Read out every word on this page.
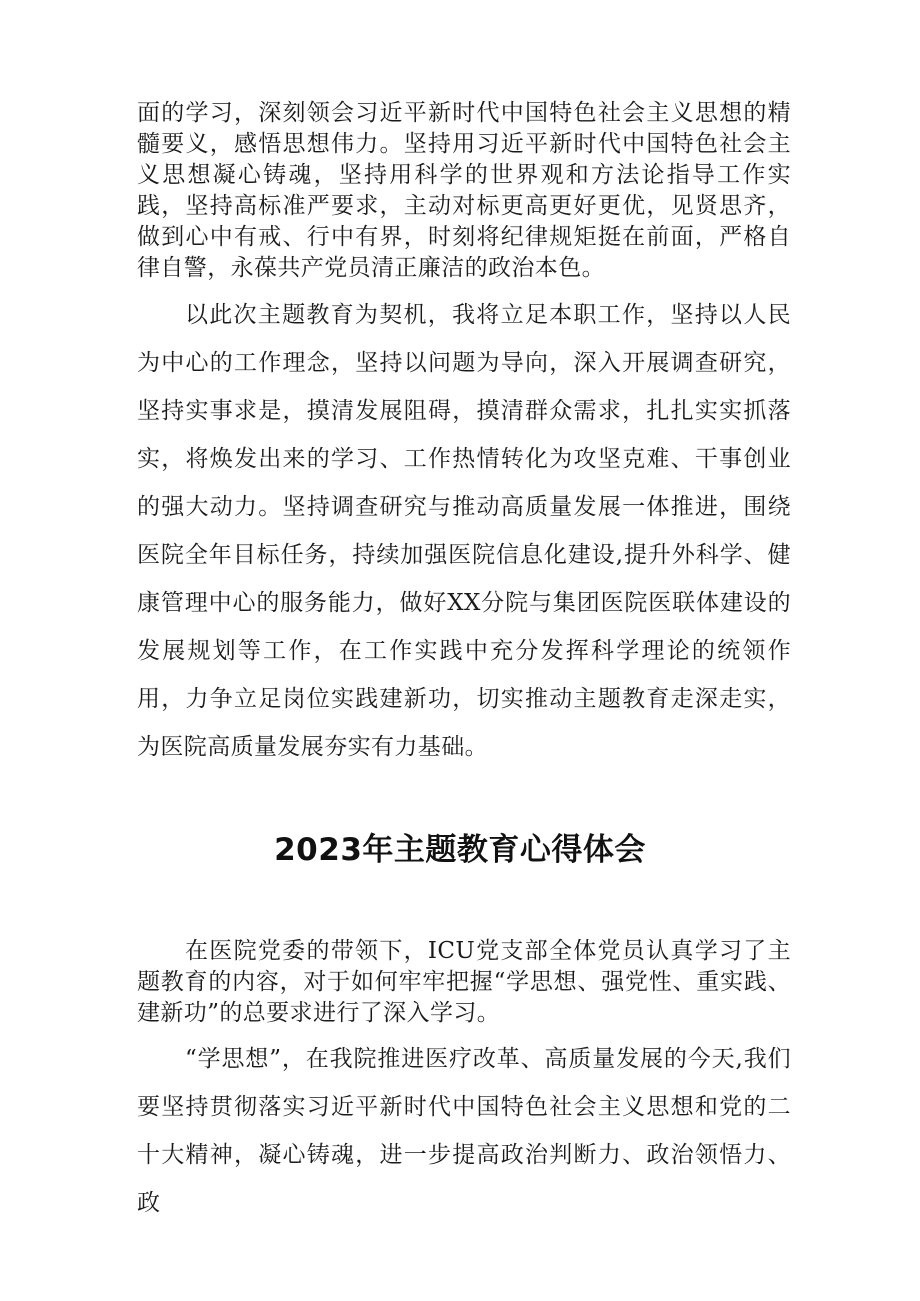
面的学习，深刻领会习近平新时代中国特色社会主义思想的精髓要义，感悟思想伟力。坚持用习近平新时代中国特色社会主义思想凝心铸魂，坚持用科学的世界观和方法论指导工作实践，坚持高标准严要求，主动对标更高更好更优，见贤思齐，做到心中有戒、行中有界，时刻将纪律规矩挺在前面，严格自律自警，永葆共产党员清正廉洁的政治本色。

以此次主题教育为契机，我将立足本职工作，坚持以人民为中心的工作理念，坚持以问题为导向，深入开展调查研究，坚持实事求是，摸清发展阻碍，摸清群众需求，扎扎实实抓落实，将焕发出来的学习、工作热情转化为攻坚克难、干事创业的强大动力。坚持调查研究与推动高质量发展一体推进，围绕医院全年目标任务，持续加强医院信息化建设,提升外科学、健康管理中心的服务能力，做好XX分院与集团医院医联体建设的发展规划等工作，在工作实践中充分发挥科学理论的统领作用，力争立足岗位实践建新功，切实推动主题教育走深走实，为医院高质量发展夯实有力基础。

2023年主题教育心得体会

在医院党委的带领下，ICU党支部全体党员认真学习了主题教育的内容，对于如何牢牢把握“学思想、强党性、重实践、建新功”的总要求进行了深入学习。

“学思想”，在我院推进医疗改革、高质量发展的今天,我们要坚持贯彻落实习近平新时代中国特色社会主义思想和党的二十大精神，凝心铸魂，进一步提高政治判断力、政治领悟力、政
